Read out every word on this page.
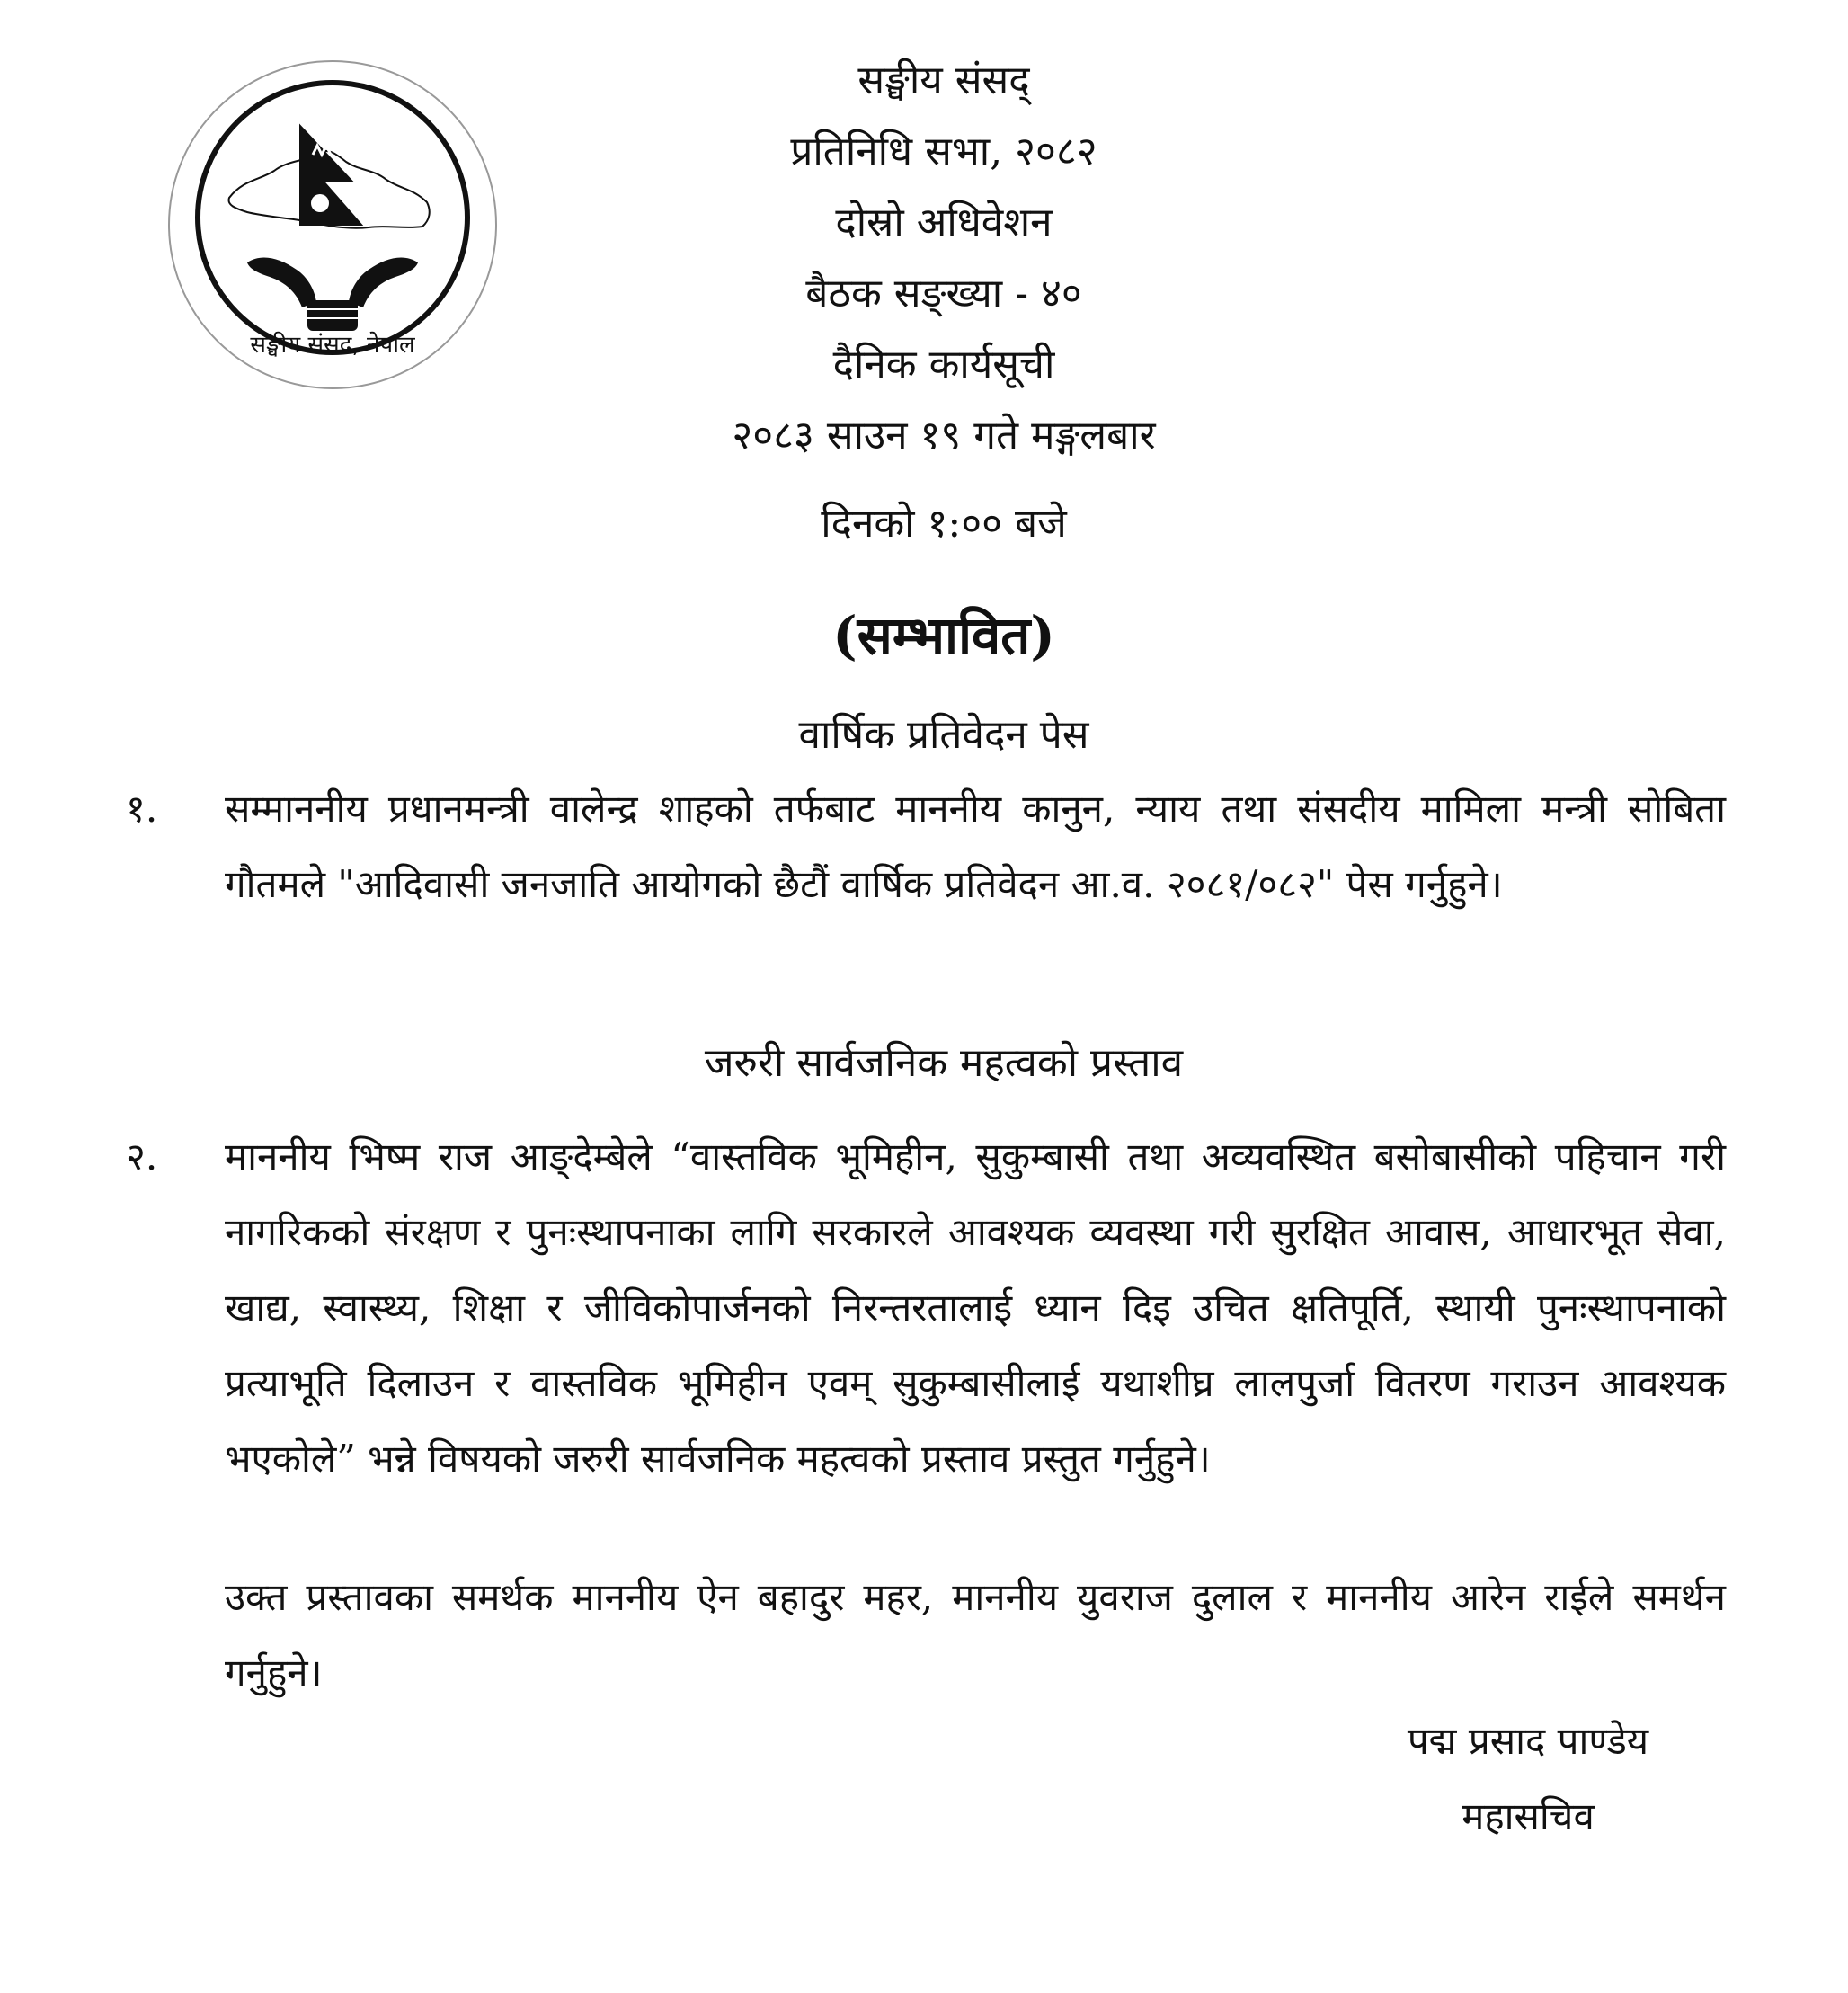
सङ्घीय संसद, नेपाल
सङ्घीय संसद्
प्रतिनिधि सभा, २०८२
दोस्रो अधिवेशन
बैठक सङ्ख्या - ४०
दैनिक कार्यसूची
२०८३ साउन १९ गते मङ्गलबार
दिनको १:०० बजे
(सम्भावित)
वार्षिक प्रतिवेदन पेस
१. सम्माननीय प्रधानमन्त्री वालेन्द्र शाहको तर्फबाट माननीय कानुन, न्याय तथा संसदीय मामिला मन्त्री सोबिता गौतमले "आदिवासी जनजाति आयोगको छैटौं वार्षिक प्रतिवेदन आ.व. २०८१/०८२" पेस गर्नुहुने।
जरुरी सार्वजनिक महत्वको प्रस्ताव
२. माननीय भिष्म राज आङ्देम्बेले “वास्तविक भूमिहीन, सुकुम्बासी तथा अव्यवस्थित बसोबासीको पहिचान गरी नागरिकको संरक्षण र पुनःस्थापनाका लागि सरकारले आवश्यक व्यवस्था गरी सुरक्षित आवास, आधारभूत सेवा, खाद्य, स्वास्थ्य, शिक्षा र जीविकोपार्जनको निरन्तरतालाई ध्यान दिइ उचित क्षतिपूर्ति, स्थायी पुनःस्थापनाको प्रत्याभूति दिलाउन र वास्तविक भूमिहीन एवम् सुकुम्बासीलाई यथाशीघ्र लालपुर्जा वितरण गराउन आवश्यक भएकोले” भन्ने विषयको जरुरी सार्वजनिक महत्वको प्रस्ताव प्रस्तुत गर्नुहुने।
उक्त प्रस्तावका समर्थक माननीय ऐन बहादुर महर, माननीय युवराज दुलाल र माननीय आरेन राईले समर्थन गर्नुहुने।
पद्म प्रसाद पाण्डेय
महासचिव
